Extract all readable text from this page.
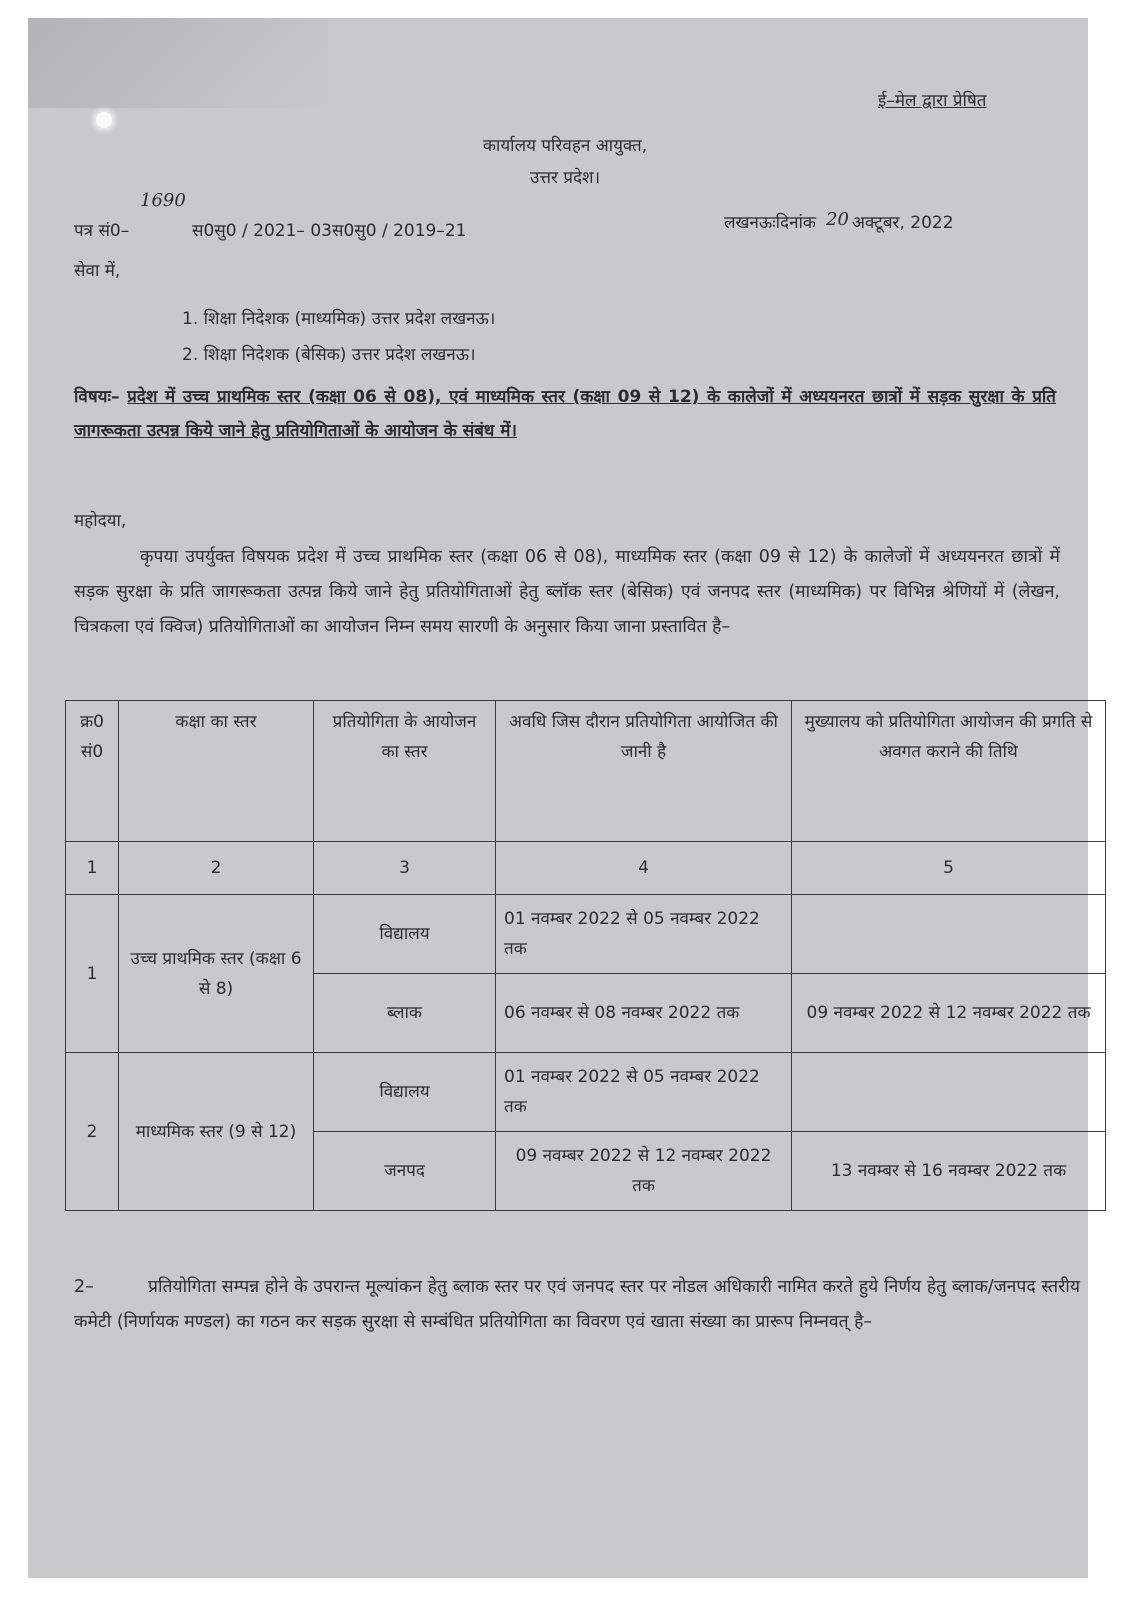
ई–मेल द्वारा प्रेषित
कार्यालय परिवहन आयुक्त,
उत्तर प्रदेश।
1690
पत्र सं0–	स0सु0 / 2021– 03स0सु0 / 2019–21	लखनऊःदिनांक 20 अक्टूबर, 2022
सेवा में,
1. शिक्षा निदेशक (माध्यमिक) उत्तर प्रदेश लखनऊ।
2. शिक्षा निदेशक (बेसिक) उत्तर प्रदेश लखनऊ।
विषयः– प्रदेश में उच्च प्राथमिक स्तर (कक्षा 06 से 08), एवं माध्यमिक स्तर (कक्षा 09 से 12) के कालेजों में अध्ययनरत छात्रों में सड़क सुरक्षा के प्रति जागरूकता उत्पन्न किये जाने हेतु प्रतियोगिताओं के आयोजन के संबंध में।
महोदया,
कृपया उपर्युक्त विषयक प्रदेश में उच्च प्राथमिक स्तर (कक्षा 06 से 08), माध्यमिक स्तर (कक्षा 09 से 12) के कालेजों में अध्ययनरत छात्रों में सड़क सुरक्षा के प्रति जागरूकता उत्पन्न किये जाने हेतु प्रतियोगिताओं हेतु ब्लॉक स्तर (बेसिक) एवं जनपद स्तर (माध्यमिक) पर विभिन्न श्रेणियों में (लेखन, चित्रकला एवं क्विज) प्रतियोगिताओं का आयोजन निम्न समय सारणी के अनुसार किया जाना प्रस्तावित है–
क्र0 सं0	कक्षा का स्तर	प्रतियोगिता के आयोजन का स्तर	अवधि जिस दौरान प्रतियोगिता आयोजित की जानी है	मुख्यालय को प्रतियोगिता आयोजन की प्रगति से अवगत कराने की तिथि
1	2	3	4	5
1	उच्च प्राथमिक स्तर (कक्षा 6 से 8)	विद्यालय	01 नवम्बर 2022 से 05 नवम्बर 2022 तक	
		ब्लाक	06 नवम्बर से 08 नवम्बर 2022 तक	09 नवम्बर 2022 से 12 नवम्बर 2022 तक
2	माध्यमिक स्तर (9 से 12)	विद्यालय	01 नवम्बर 2022 से 05 नवम्बर 2022 तक	
		जनपद	09 नवम्बर 2022 से 12 नवम्बर 2022 तक	13 नवम्बर से 16 नवम्बर 2022 तक
2–	प्रतियोगिता सम्पन्न होने के उपरान्त मूल्यांकन हेतु ब्लाक स्तर पर एवं जनपद स्तर पर नोडल अधिकारी नामित करते हुये निर्णय हेतु ब्लाक/जनपद स्तरीय कमेटी (निर्णायक मण्डल) का गठन कर सड़क सुरक्षा से सम्बंधित प्रतियोगिता का विवरण एवं खाता संख्या का प्रारूप निम्नवत् है–
